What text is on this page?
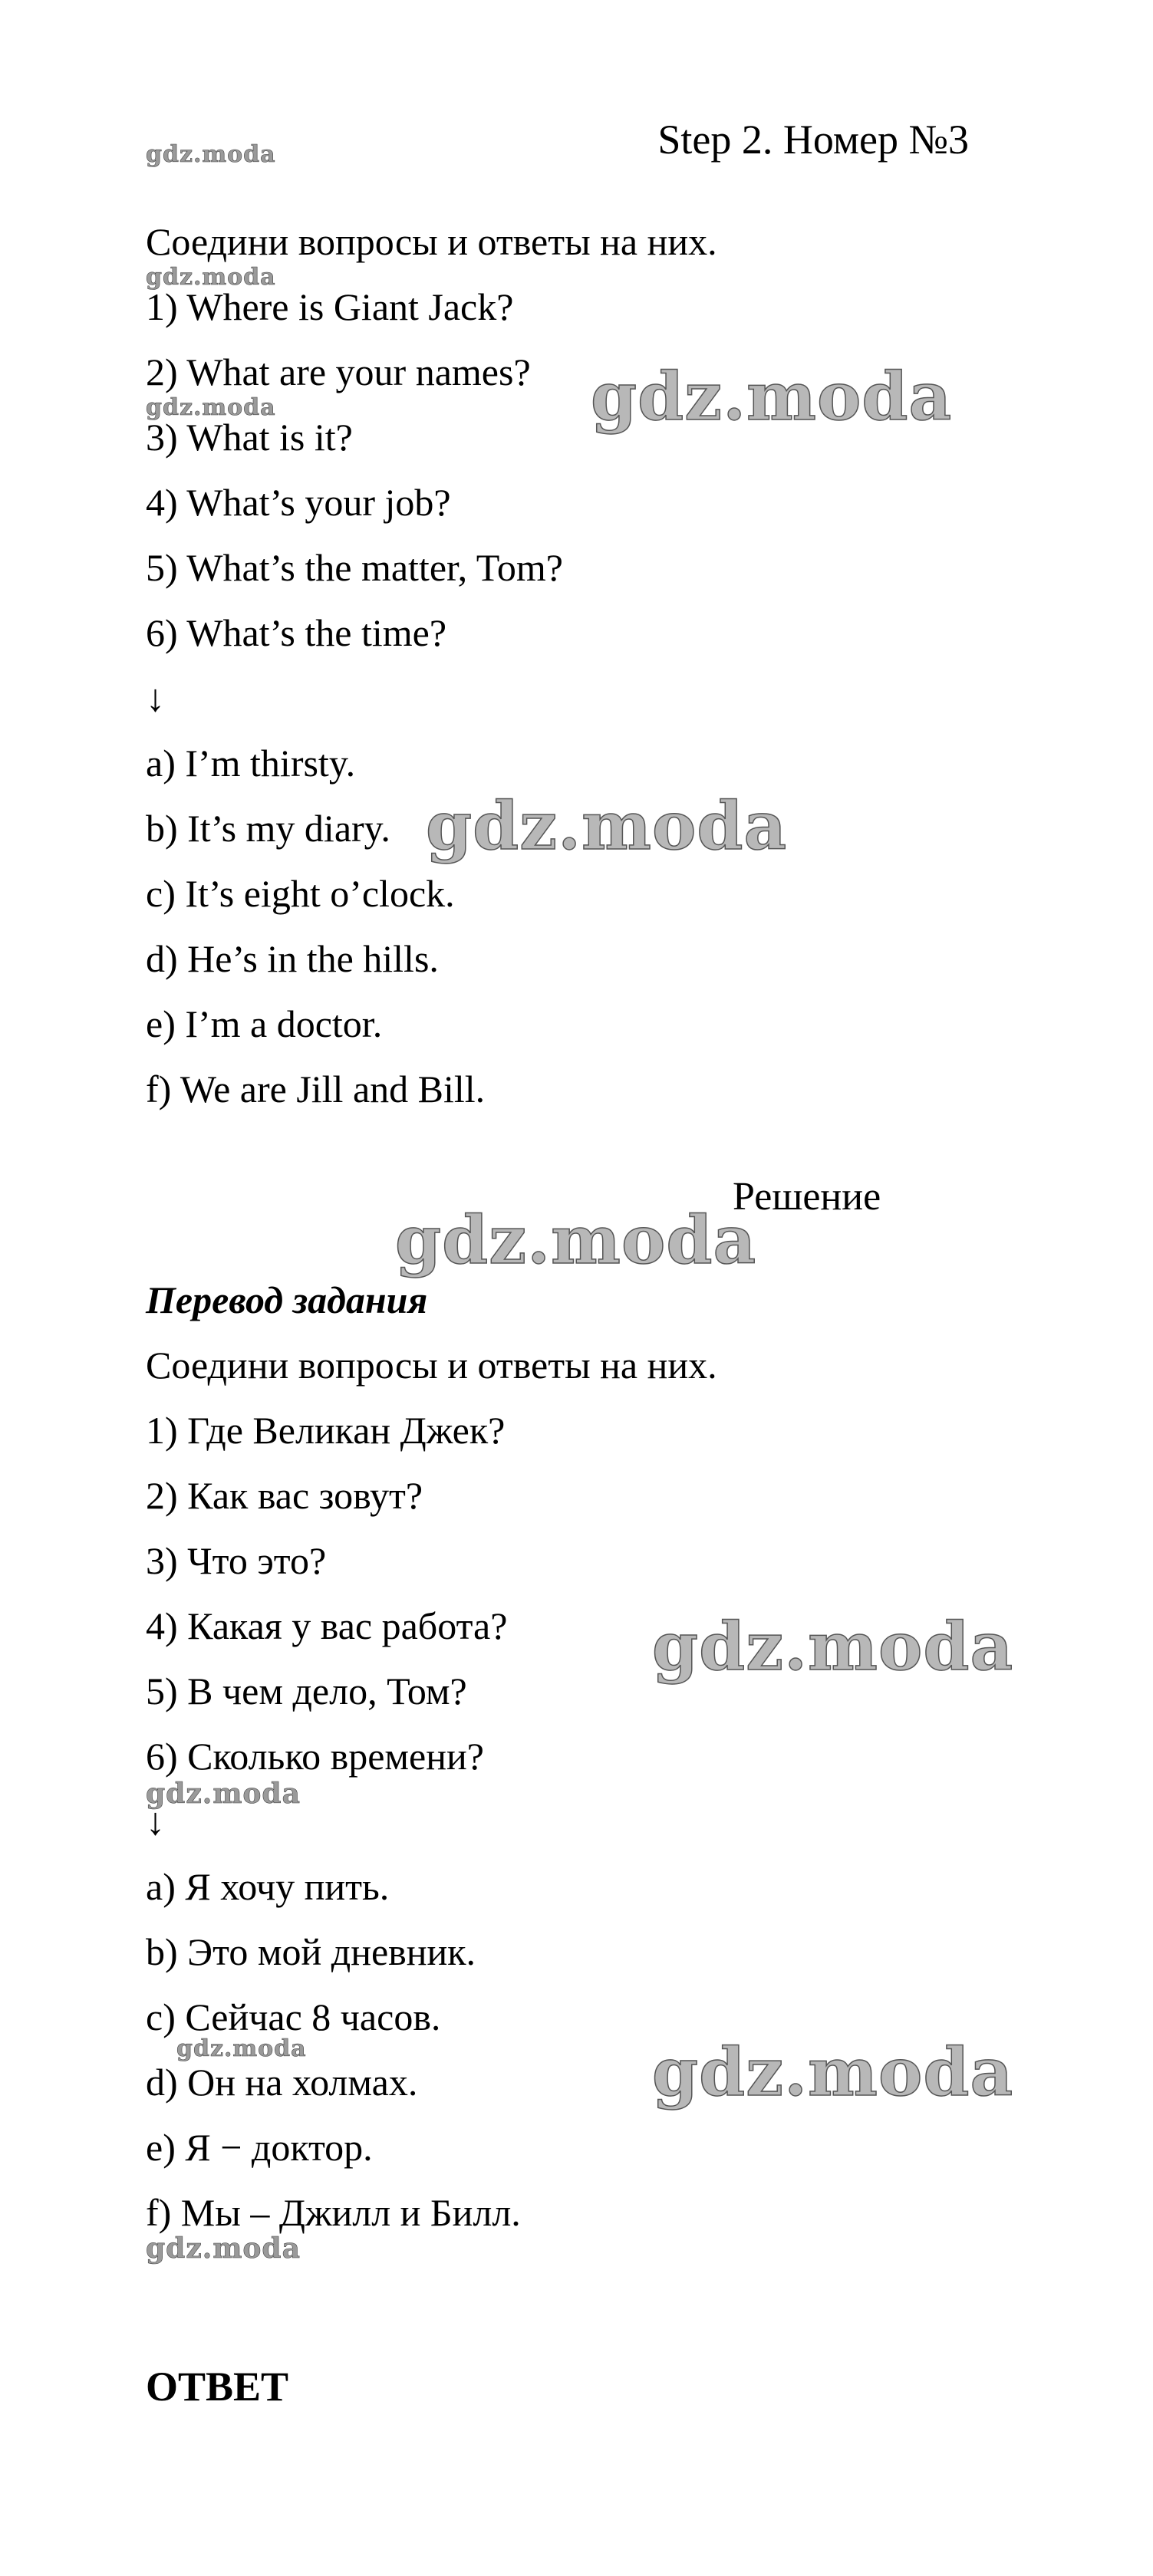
gdz.moda	Step 2. Номер №3
Соедини вопросы и ответы на них.
gdz.moda
1) Where is Giant Jack?
2) What are your names? gdz.moda
gdz.moda
3) What is it?
4) What’s your job?
5) What’s the matter, Tom?
6) What’s the time?
↓
a) I’m thirsty.
b) It’s my diary. gdz.moda
c) It’s eight o’clock.
d) He’s in the hills.
e) I’m a doctor.
f) We are Jill and Bill.
Решение
gdz.moda
Перевод задания
Соедини вопросы и ответы на них.
1) Где Великан Джек?
2) Как вас зовут?
3) Что это?
4) Какая у вас работа? gdz.moda
5) В чем дело, Том?
6) Сколько времени?
gdz.moda
↓
a) Я хочу пить.
b) Это мой дневник.
c) Сейчас 8 часов.
gdz.moda
d) Он на холмах.	gdz.moda
e) Я − доктор.
f) Мы – Джилл и Билл.
gdz.moda
ОТВЕТ
